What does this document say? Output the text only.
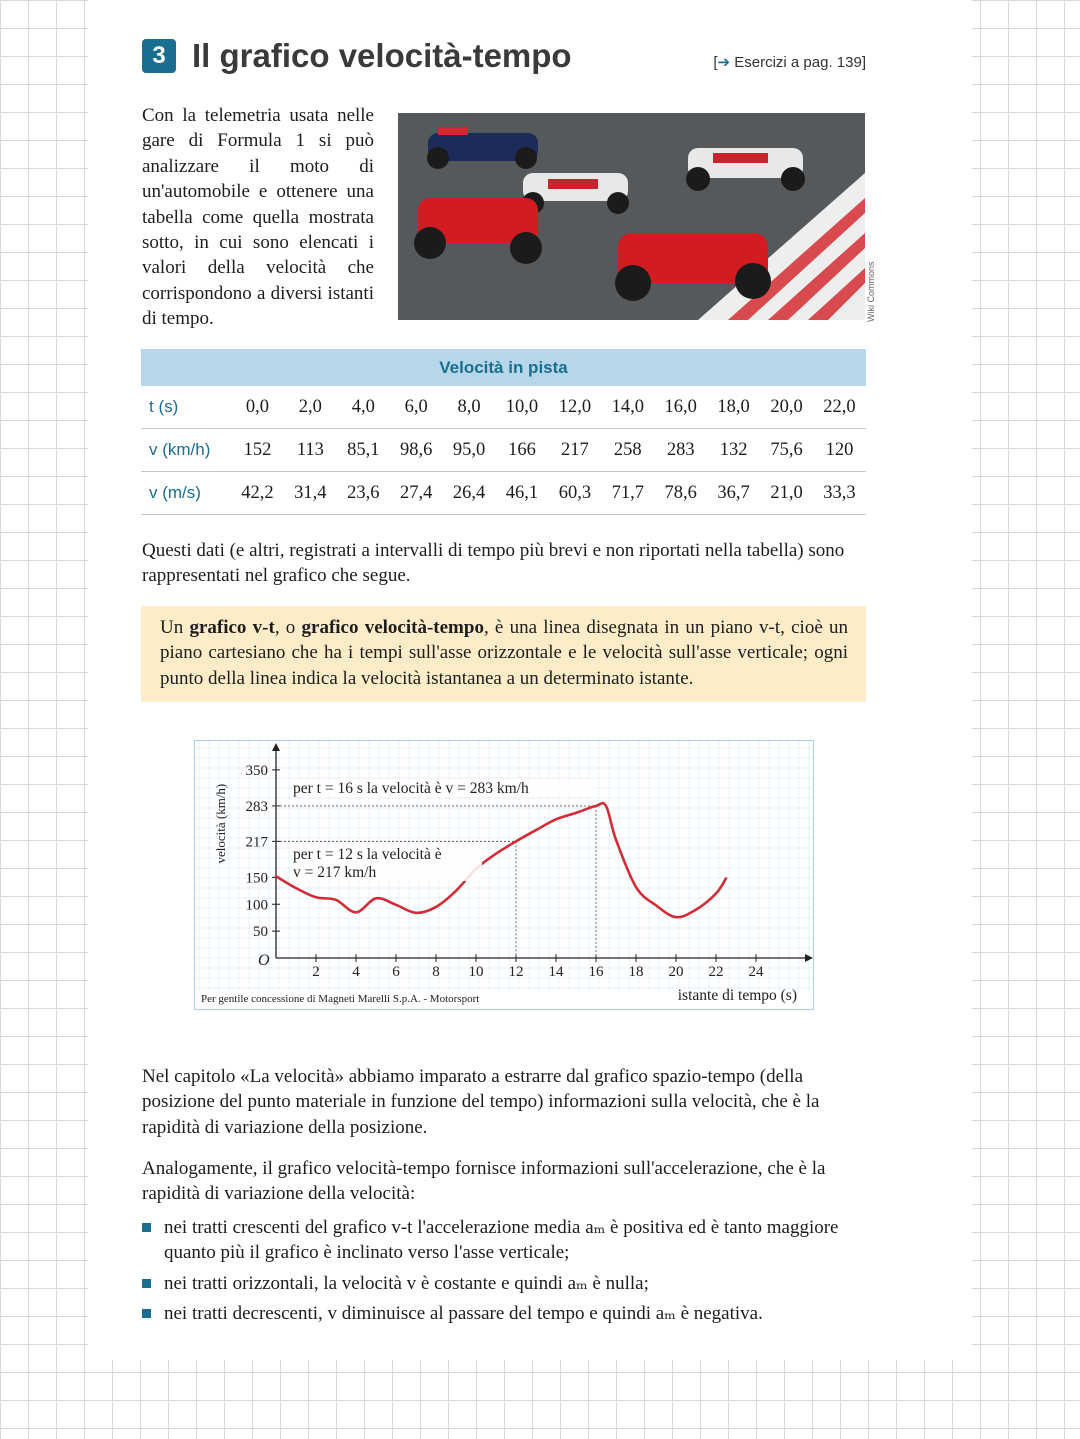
3 Il grafico velocità-tempo	[➔ Esercizi a pag. 139]

Con la telemetria usata nelle gare di Formula 1 si può analizzare il moto di un'automobile e ottenere una tabella come quella mostrata sotto, in cui sono elencati i valori della velocità che corrispondono a diversi istanti di tempo.	Wiki Commons
Velocità in pista
t (s)	0,0	2,0	4,0	6,0	8,0	10,0	12,0	14,0	16,0	18,0	20,0	22,0
v (km/h)	152	113	85,1	98,6	95,0	166	217	258	283	132	75,6	120
v (m/s)	42,2	31,4	23,6	27,4	26,4	46,1	60,3	71,7	78,6	36,7	21,0	33,3

Questi dati (e altri, registrati a intervalli di tempo più brevi e non riportati nella tabella) sono rappresentati nel grafico che segue.

Un grafico v-t, o grafico velocità-tempo, è una linea disegnata in un piano v-t, cioè un piano cartesiano che ha i tempi sull'asse orizzontale e le velocità sull'asse verticale; ogni punto della linea indica la velocità istantanea a un determinato istante.
O
2 4 6 8 10 12 14 16 18 20 22 24
350
283
217
150
100
50
velocità (km/h)
istante di tempo (s)
Per gentile concessione di Magneti Marelli S.p.A. - Motorsport
per t = 16 s la velocità è v = 283 km/h
per t = 12 s la velocità è
v = 217 km/h

Nel capitolo «La velocità» abbiamo imparato a estrarre dal grafico spazio-tempo (della posizione del punto materiale in funzione del tempo) informazioni sulla velocità, che è la rapidità di variazione della posizione.

Analogamente, il grafico velocità-tempo fornisce informazioni sull'accelerazione, che è la rapidità di variazione della velocità:

nei tratti crescenti del grafico v-t l'accelerazione media aₘ è positiva ed è tanto maggiore quanto più il grafico è inclinato verso l'asse verticale;
nei tratti orizzontali, la velocità v è costante e quindi aₘ è nulla;
nei tratti decrescenti, v diminuisce al passare del tempo e quindi aₘ è negativa.
